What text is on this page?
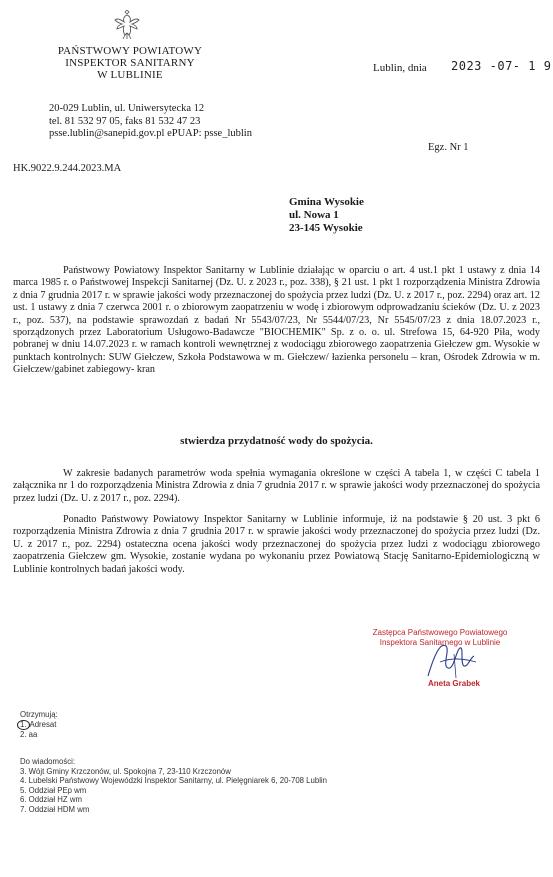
PAŃSTWOWY POWIATOWY
INSPEKTOR SANITARNY
W LUBLINIE
20-029 Lublin, ul. Uniwersytecka 12
tel. 81 532 97 05, faks 81 532 47 23
psse.lublin@sanepid.gov.pl ePUAP: psse_lublin
Lublin, dnia 2023 -07- 1 9
Egz. Nr 1
HK.9022.9.244.2023.MA
Gmina Wysokie
ul. Nowa 1
23-145 Wysokie
Państwowy Powiatowy Inspektor Sanitarny w Lublinie działając w oparciu o art. 4 ust.1 pkt 1 ustawy z dnia 14 marca 1985 r. o Państwowej Inspekcji Sanitarnej (Dz. U. z 2023 r., poz. 338), § 21 ust. 1 pkt 1 rozporządzenia Ministra Zdrowia z dnia 7 grudnia 2017 r. w sprawie jakości wody przeznaczonej do spożycia przez ludzi (Dz. U. z 2017 r., poz. 2294) oraz art. 12 ust. 1 ustawy z dnia 7 czerwca 2001 r. o zbiorowym zaopatrzeniu w wodę i zbiorowym odprowadzaniu ścieków (Dz. U. z 2023 r., poz. 537), na podstawie sprawozdań z badań Nr 5543/07/23, Nr 5544/07/23, Nr 5545/07/23 z dnia 18.07.2023 r., sporządzonych przez Laboratorium Usługowo-Badawcze "BIOCHEMIK" Sp. z o. o. ul. Strefowa 15, 64-920 Piła, wody pobranej w dniu 14.07.2023 r. w ramach kontroli wewnętrznej z wodociągu zbiorowego zaopatrzenia Giełczew gm. Wysokie w punktach kontrolnych: SUW Giełczew, Szkoła Podstawowa w m. Giełczew/ łazienka personelu – kran, Ośrodek Zdrowia w m. Giełczew/gabinet zabiegowy- kran
stwierdza przydatność wody do spożycia.
W zakresie badanych parametrów woda spełnia wymagania określone w części A tabela 1, w części C tabela 1 załącznika nr 1 do rozporządzenia Ministra Zdrowia z dnia 7 grudnia 2017 r. w sprawie jakości wody przeznaczonej do spożycia przez ludzi (Dz. U. z 2017 r., poz. 2294).
Ponadto Państwowy Powiatowy Inspektor Sanitarny w Lublinie informuje, iż na podstawie § 20 ust. 3 pkt 6 rozporządzenia Ministra Zdrowia z dnia 7 grudnia 2017 r. w sprawie jakości wody przeznaczonej do spożycia przez ludzi (Dz. U. z 2017 r., poz. 2294) ostateczna ocena jakości wody przeznaczonej do spożycia przez ludzi z wodociągu zbiorowego zaopatrzenia Giełczew gm. Wysokie, zostanie wydana po wykonaniu przez Powiatową Stację Sanitarno-Epidemiologiczną w Lublinie kontrolnych badań jakości wody.
Zastępca Państwowego Powiatowego
Inspektora Sanitarnego w Lublinie
Aneta Grabek
Otrzymują:
1. Adresat
2. aa
Do wiadomości:
3. Wójt Gminy Krzczonów, ul. Spokojna 7, 23-110 Krzczonów
4. Lubelski Państwowy Wojewódzki Inspektor Sanitarny, ul. Pielęgniarek 6, 20-708 Lublin
5. Oddział PEp wm
6. Oddział HZ wm
7. Oddział HDM wm
